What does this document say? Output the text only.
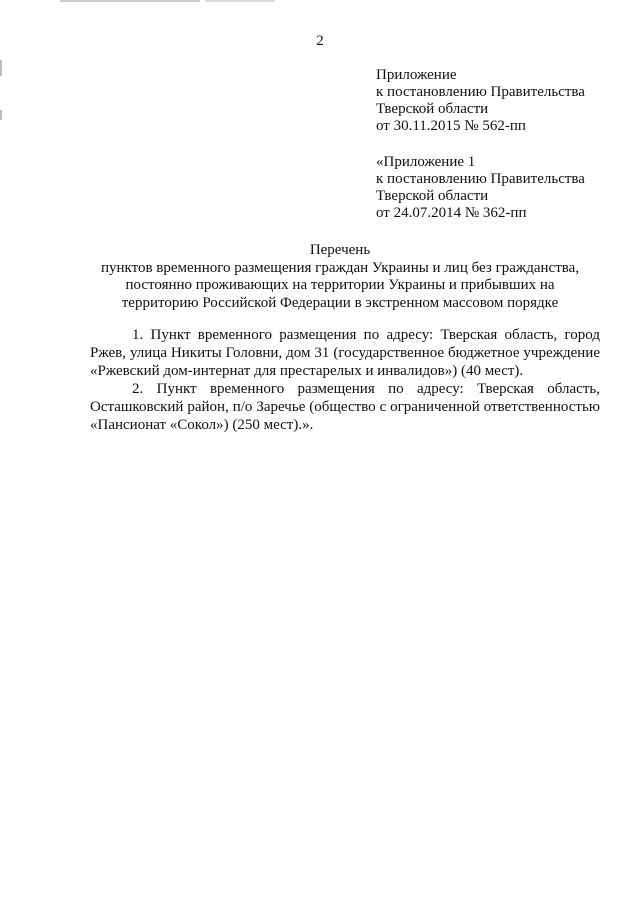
2
Приложение
к постановлению Правительства
Тверской области
от 30.11.2015 № 562-пп
«Приложение 1
к постановлению Правительства
Тверской области
от 24.07.2014 № 362-пп
Перечень
пунктов временного размещения граждан Украины и лиц без гражданства,
постоянно проживающих на территории Украины и прибывших на
территорию Российской Федерации в экстренном массовом порядке

1. Пункт временного размещения по адресу: Тверская область, город Ржев, улица Никиты Головни, дом 31 (государственное бюджетное учреждение «Ржевский дом-интернат для престарелых и инвалидов») (40 мест).

2. Пункт временного размещения по адресу: Тверская область, Осташковский район, п/о Заречье (общество с ограниченной ответственностью «Пансионат «Сокол») (250 мест).».
